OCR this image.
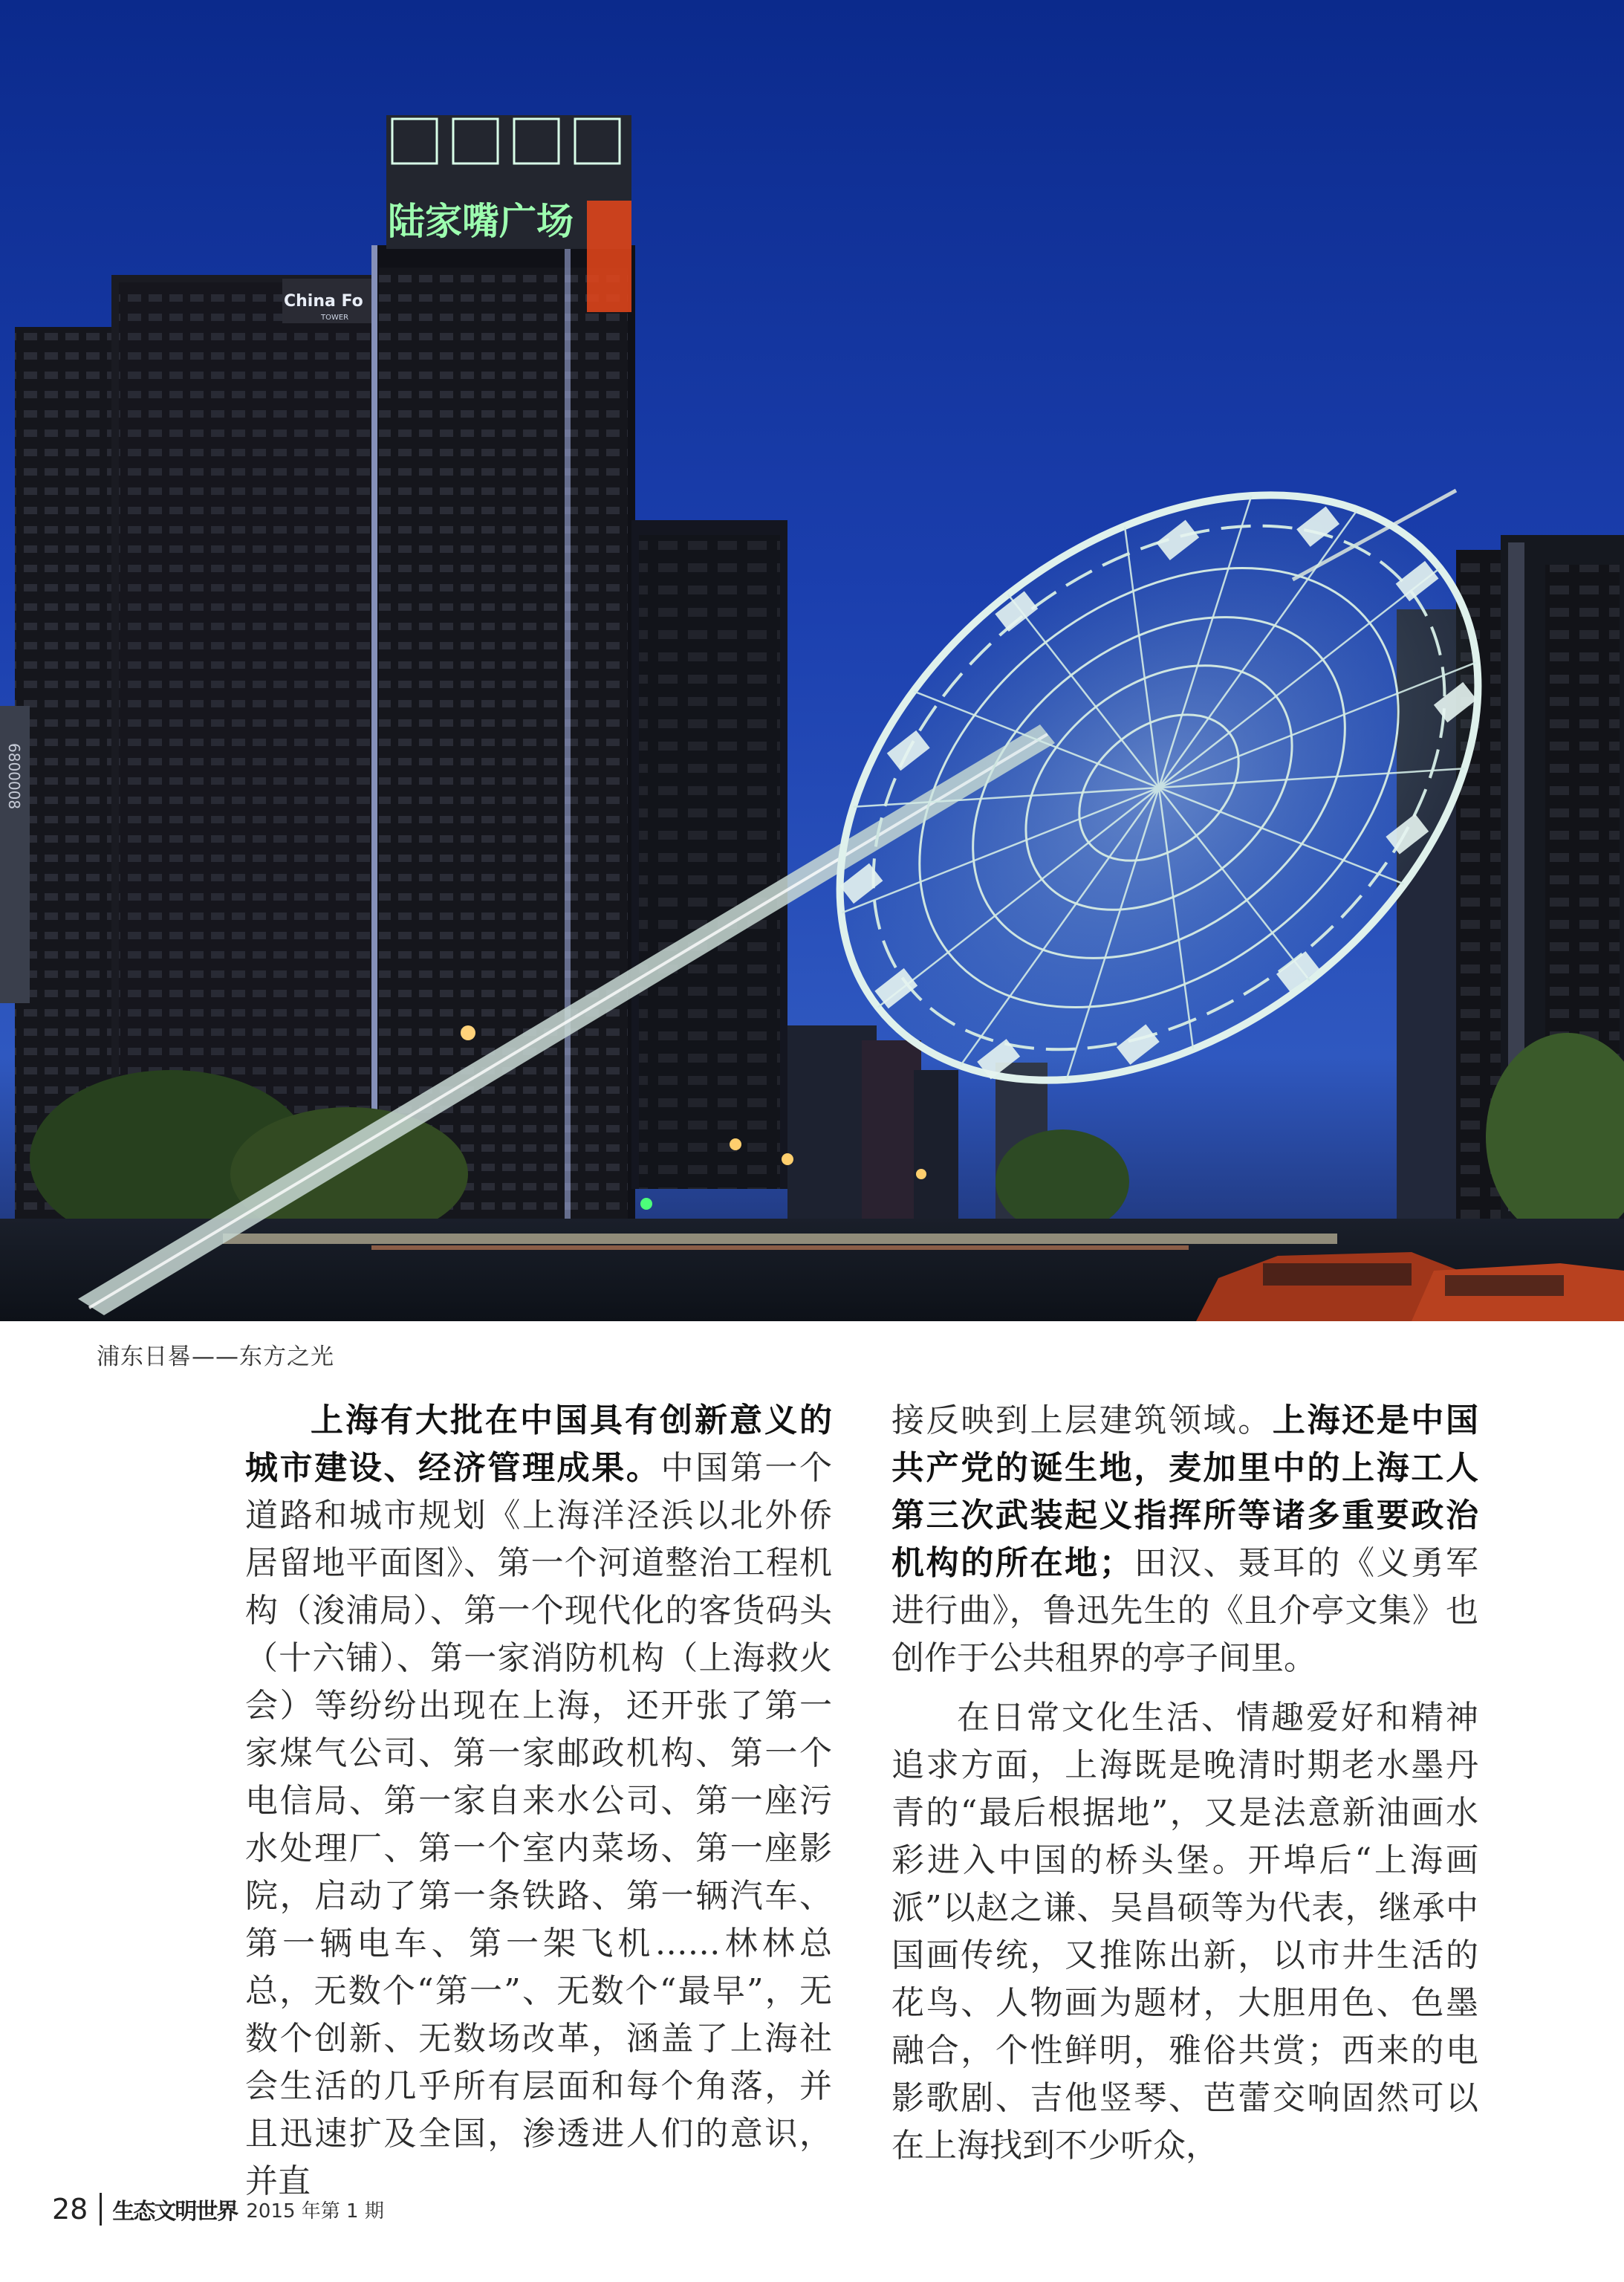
China Fo
TOWER
陆家嘴广场
6800008
浦东日晷——东方之光

上海有大批在中国具有创新意义的城市建设、经济管理成果。中国第一个道路和城市规划《上海洋泾浜以北外侨居留地平面图》、第一个河道整治工程机构（浚浦局）、第一个现代化的客货码头（十六铺）、第一家消防机构（上海救火会）等纷纷出现在上海，还开张了第一家煤气公司、第一家邮政机构、第一个电信局、第一家自来水公司、第一座污水处理厂、第一个室内菜场、第一座影院，启动了第一条铁路、第一辆汽车、第一辆电车、第一架飞机……林林总总，无数个“第一”、无数个“最早”，无数个创新、无数场改革，涵盖了上海社会生活的几乎所有层面和每个角落，并且迅速扩及全国，渗透进人们的意识，并直

接反映到上层建筑领域。上海还是中国共产党的诞生地，麦加里中的上海工人第三次武装起义指挥所等诸多重要政治机构的所在地；田汉、聂耳的《义勇军进行曲》，鲁迅先生的《且介亭文集》也创作于公共租界的亭子间里。

在日常文化生活、情趣爱好和精神追求方面，上海既是晚清时期老水墨丹青的“最后根据地”，又是法意新油画水彩进入中国的桥头堡。开埠后“上海画派”以赵之谦、吴昌硕等为代表，继承中国画传统，又推陈出新，以市井生活的花鸟、人物画为题材，大胆用色、色墨融合，个性鲜明，雅俗共赏；西来的电影歌剧、吉他竖琴、芭蕾交响固然可以在上海找到不少听众，

28 生态文明世界 2015 年第 1 期
